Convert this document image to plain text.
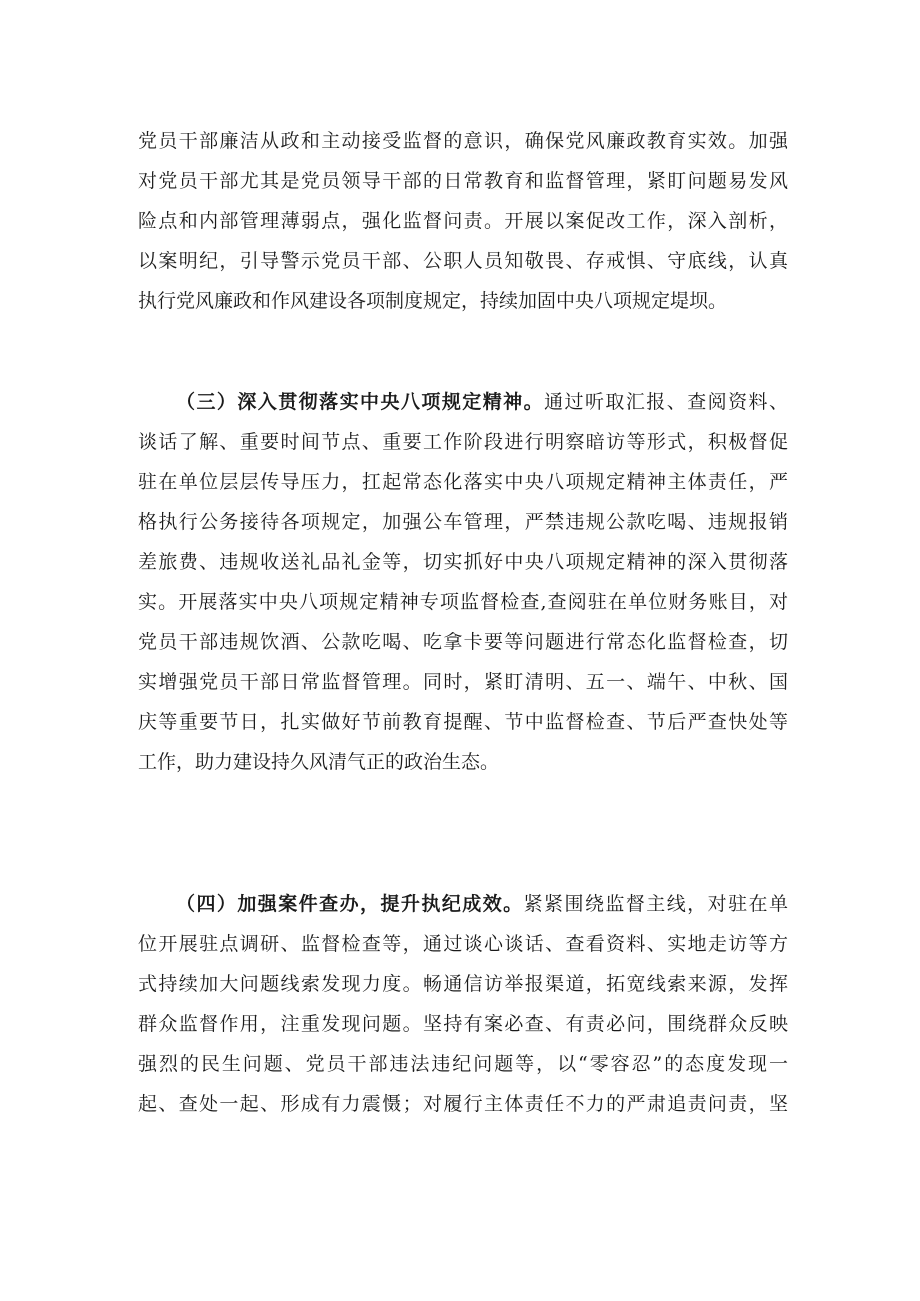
党员干部廉洁从政和主动接受监督的意识，确保党风廉政教育实效。加强
对党员干部尤其是党员领导干部的日常教育和监督管理，紧盯问题易发风
险点和内部管理薄弱点，强化监督问责。开展以案促改工作，深入剖析，
以案明纪，引导警示党员干部、公职人员知敬畏、存戒惧、守底线，认真
执行党风廉政和作风建设各项制度规定，持续加固中央八项规定堤坝。
（三）深入贯彻落实中央八项规定精神。通过听取汇报、查阅资料、
谈话了解、重要时间节点、重要工作阶段进行明察暗访等形式，积极督促
驻在单位层层传导压力，扛起常态化落实中央八项规定精神主体责任，严
格执行公务接待各项规定，加强公车管理，严禁违规公款吃喝、违规报销
差旅费、违规收送礼品礼金等，切实抓好中央八项规定精神的深入贯彻落
实。开展落实中央八项规定精神专项监督检查,查阅驻在单位财务账目，对
党员干部违规饮酒、公款吃喝、吃拿卡要等问题进行常态化监督检查，切
实增强党员干部日常监督管理。同时，紧盯清明、五一、端午、中秋、国
庆等重要节日，扎实做好节前教育提醒、节中监督检查、节后严查快处等
工作，助力建设持久风清气正的政治生态。
（四）加强案件查办，提升执纪成效。紧紧围绕监督主线，对驻在单
位开展驻点调研、监督检查等，通过谈心谈话、查看资料、实地走访等方
式持续加大问题线索发现力度。畅通信访举报渠道，拓宽线索来源，发挥
群众监督作用，注重发现问题。坚持有案必查、有责必问，围绕群众反映
强烈的民生问题、党员干部违法违纪问题等，以“零容忍”的态度发现一
起、查处一起、形成有力震慑；对履行主体责任不力的严肃追责问责，坚
